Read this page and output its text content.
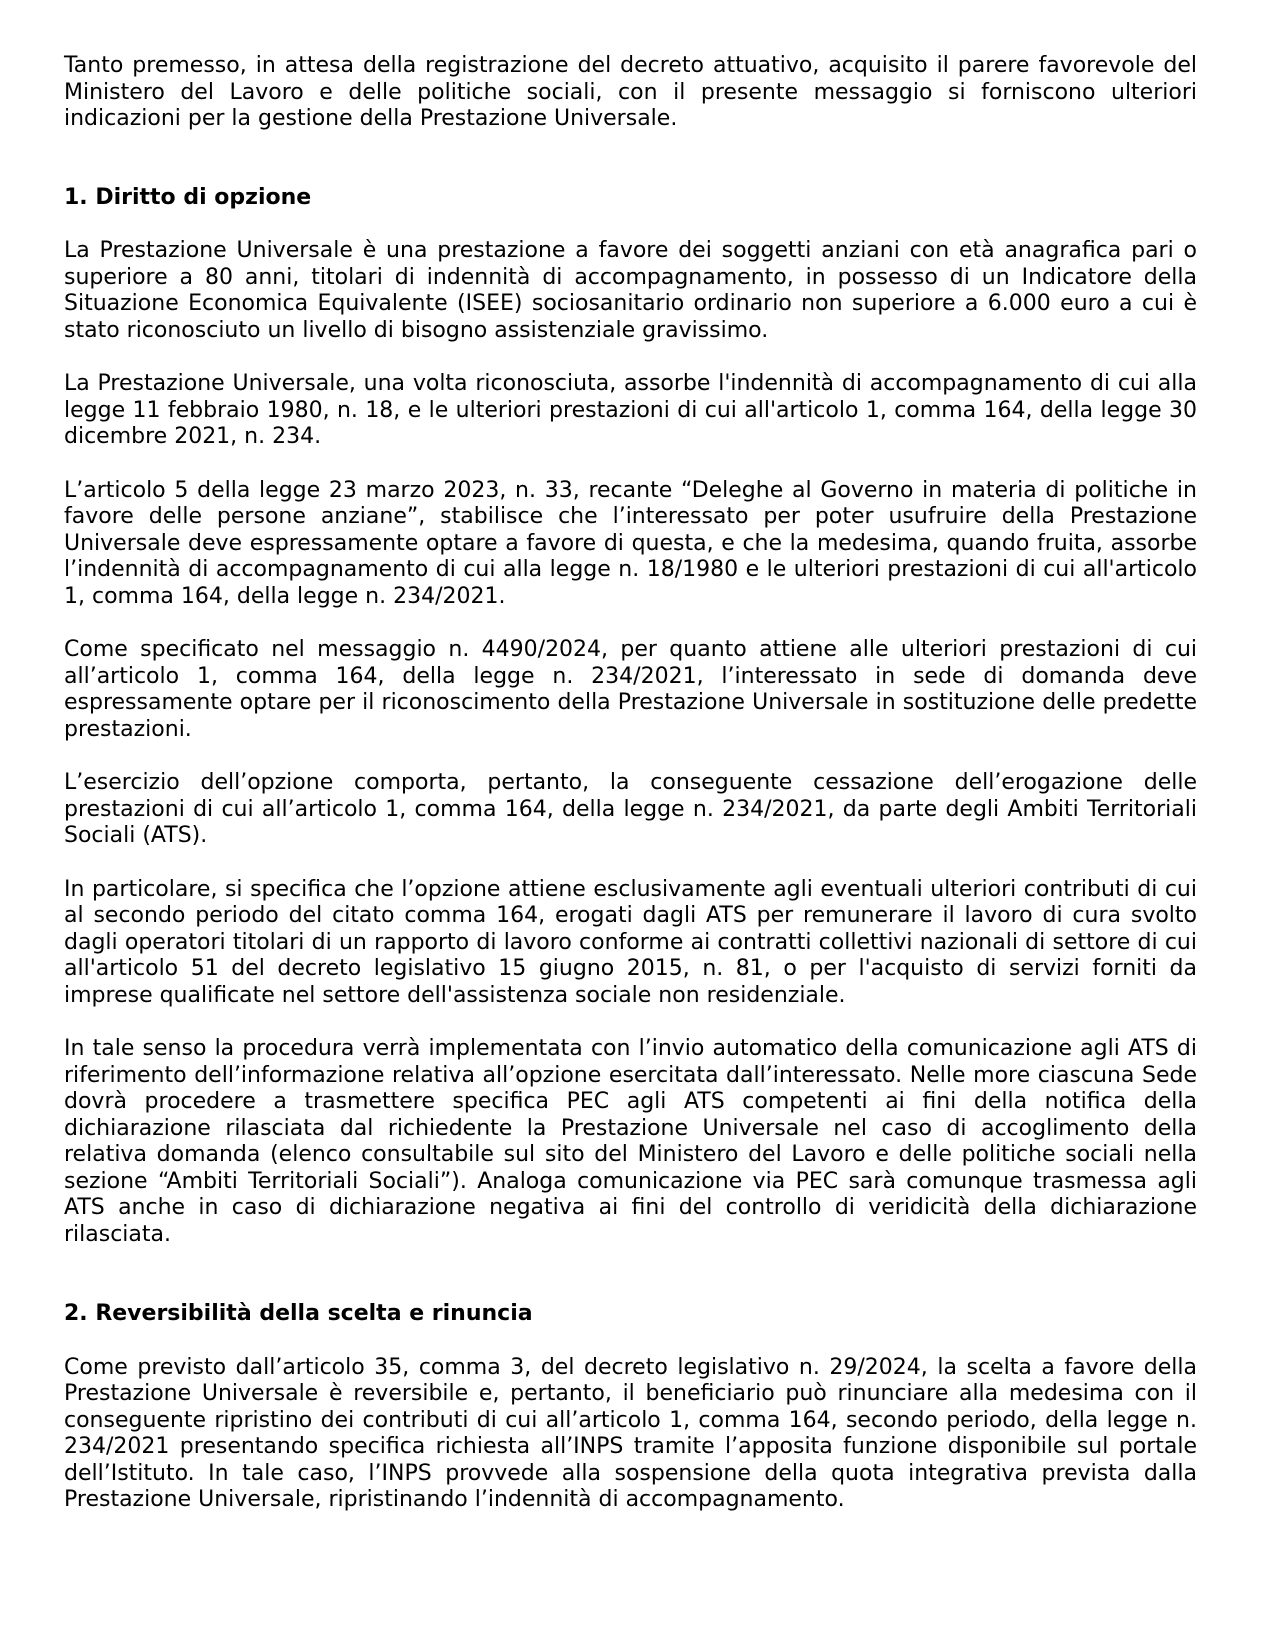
Tanto premesso, in attesa della registrazione del decreto attuativo, acquisito il parere favorevole del Ministero del Lavoro e delle politiche sociali, con il presente messaggio si forniscono ulteriori indicazioni per la gestione della Prestazione Universale.

1. Diritto di opzione

La Prestazione Universale è una prestazione a favore dei soggetti anziani con età anagrafica pari o superiore a 80 anni, titolari di indennità di accompagnamento, in possesso di un Indicatore della Situazione Economica Equivalente (ISEE) sociosanitario ordinario non superiore a 6.000 euro a cui è stato riconosciuto un livello di bisogno assistenziale gravissimo.

La Prestazione Universale, una volta riconosciuta, assorbe l'indennità di accompagnamento di cui alla legge 11 febbraio 1980, n. 18, e le ulteriori prestazioni di cui all'articolo 1, comma 164, della legge 30 dicembre 2021, n. 234.

L’articolo 5 della legge 23 marzo 2023, n. 33, recante “Deleghe al Governo in materia di politiche in favore delle persone anziane”, stabilisce che l’interessato per poter usufruire della Prestazione Universale deve espressamente optare a favore di questa, e che la medesima, quando fruita, assorbe l’indennità di accompagnamento di cui alla legge n. 18/1980 e le ulteriori prestazioni di cui all'articolo 1, comma 164, della legge n. 234/2021.

Come specificato nel messaggio n. 4490/2024, per quanto attiene alle ulteriori prestazioni di cui all’articolo 1, comma 164, della legge n. 234/2021, l’interessato in sede di domanda deve espressamente optare per il riconoscimento della Prestazione Universale in sostituzione delle predette prestazioni.

L’esercizio dell’opzione comporta, pertanto, la conseguente cessazione dell’erogazione delle prestazioni di cui all’articolo 1, comma 164, della legge n. 234/2021, da parte degli Ambiti Territoriali Sociali (ATS).

In particolare, si specifica che l’opzione attiene esclusivamente agli eventuali ulteriori contributi di cui al secondo periodo del citato comma 164, erogati dagli ATS per remunerare il lavoro di cura svolto dagli operatori titolari di un rapporto di lavoro conforme ai contratti collettivi nazionali di settore di cui all'articolo 51 del decreto legislativo 15 giugno 2015, n. 81, o per l'acquisto di servizi forniti da imprese qualificate nel settore dell'assistenza sociale non residenziale.

In tale senso la procedura verrà implementata con l’invio automatico della comunicazione agli ATS di riferimento dell’informazione relativa all’opzione esercitata dall’interessato. Nelle more ciascuna Sede dovrà procedere a trasmettere specifica PEC agli ATS competenti ai fini della notifica della dichiarazione rilasciata dal richiedente la Prestazione Universale nel caso di accoglimento della relativa domanda (elenco consultabile sul sito del Ministero del Lavoro e delle politiche sociali nella sezione “Ambiti Territoriali Sociali”). Analoga comunicazione via PEC sarà comunque trasmessa agli ATS anche in caso di dichiarazione negativa ai fini del controllo di veridicità della dichiarazione rilasciata.

2. Reversibilità della scelta e rinuncia

Come previsto dall’articolo 35, comma 3, del decreto legislativo n. 29/2024, la scelta a favore della Prestazione Universale è reversibile e, pertanto, il beneficiario può rinunciare alla medesima con il conseguente ripristino dei contributi di cui all’articolo 1, comma 164, secondo periodo, della legge n. 234/2021 presentando specifica richiesta all’INPS tramite l’apposita funzione disponibile sul portale dell’Istituto. In tale caso, l’INPS provvede alla sospensione della quota integrativa prevista dalla Prestazione Universale, ripristinando l’indennità di accompagnamento.
